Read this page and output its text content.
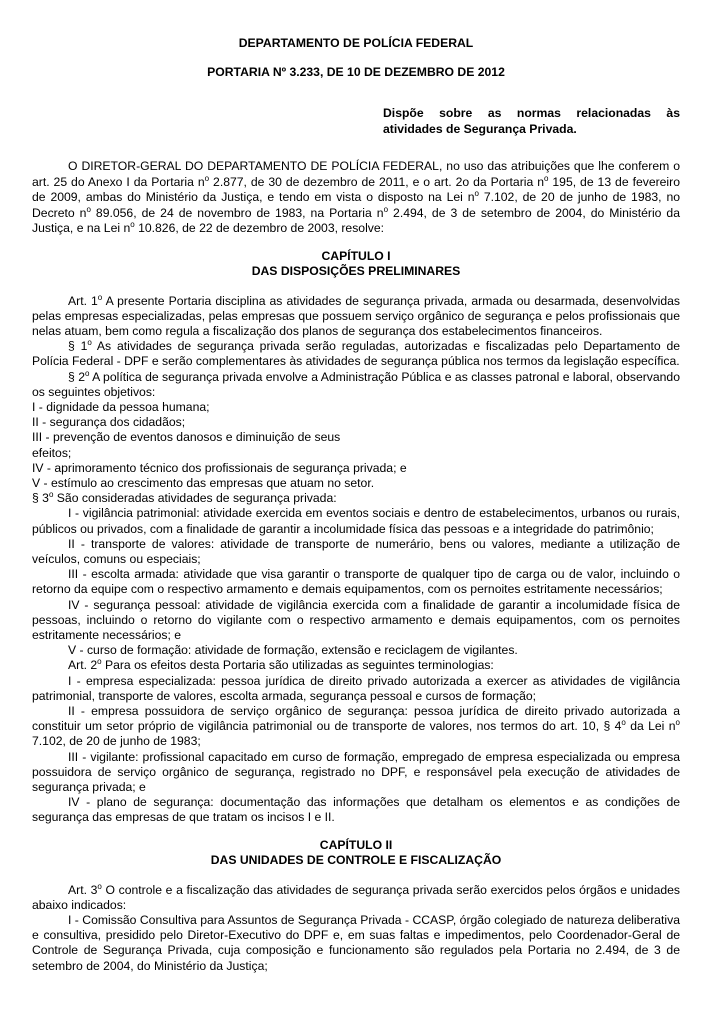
DEPARTAMENTO DE POLÍCIA FEDERAL
PORTARIA Nº 3.233, DE 10 DE DEZEMBRO DE 2012
Dispõe sobre as normas relacionadas às atividades de Segurança Privada.

O DIRETOR-GERAL DO DEPARTAMENTO DE POLÍCIA FEDERAL, no uso das atribuições que lhe conferem o art. 25 do Anexo I da Portaria $n^o$ 2.877, de 30 de dezembro de 2011, e o art. 2o da Portaria $n^o$ 195, de 13 de fevereiro de 2009, ambas do Ministério da Justiça, e tendo em vista o disposto na Lei $n^o$ 7.102, de 20 de junho de 1983, no Decreto $n^o$ 89.056, de 24 de novembro de 1983, na Portaria $n^o$ 2.494, de 3 de setembro de 2004, do Ministério da Justiça, e na Lei $n^o$ 10.826, de 22 de dezembro de 2003, resolve:

CAPÍTULO I
DAS DISPOSIÇÕES PRELIMINARES

Art. 1$^o$ A presente Portaria disciplina as atividades de segurança privada, armada ou desarmada, desenvolvidas pelas empresas especializadas, pelas empresas que possuem serviço orgânico de segurança e pelos profissionais que nelas atuam, bem como regula a fiscalização dos planos de segurança dos estabelecimentos financeiros.

§ 1$^o$ As atividades de segurança privada serão reguladas, autorizadas e fiscalizadas pelo Departamento de Polícia Federal - DPF e serão complementares às atividades de segurança pública nos termos da legislação específica.

§ 2$^o$ A política de segurança privada envolve a Administração Pública e as classes patronal e laboral, observando os seguintes objetivos:

I - dignidade da pessoa humana;

II - segurança dos cidadãos;

III - prevenção de eventos danosos e diminuição de seus

efeitos;

IV - aprimoramento técnico dos profissionais de segurança privada; e

V - estímulo ao crescimento das empresas que atuam no setor.

§ 3$^o$ São consideradas atividades de segurança privada:

I - vigilância patrimonial: atividade exercida em eventos sociais e dentro de estabelecimentos, urbanos ou rurais, públicos ou privados, com a finalidade de garantir a incolumidade física das pessoas e a integridade do patrimônio;

II - transporte de valores: atividade de transporte de numerário, bens ou valores, mediante a utilização de veículos, comuns ou especiais;

III - escolta armada: atividade que visa garantir o transporte de qualquer tipo de carga ou de valor, incluindo o retorno da equipe com o respectivo armamento e demais equipamentos, com os pernoites estritamente necessários;

IV - segurança pessoal: atividade de vigilância exercida com a finalidade de garantir a incolumidade física de pessoas, incluindo o retorno do vigilante com o respectivo armamento e demais equipamentos, com os pernoites estritamente necessários; e

V - curso de formação: atividade de formação, extensão e reciclagem de vigilantes.

Art. 2$^o$ Para os efeitos desta Portaria são utilizadas as seguintes terminologias:

I - empresa especializada: pessoa jurídica de direito privado autorizada a exercer as atividades de vigilância patrimonial, transporte de valores, escolta armada, segurança pessoal e cursos de formação;

II - empresa possuidora de serviço orgânico de segurança: pessoa jurídica de direito privado autorizada a constituir um setor próprio de vigilância patrimonial ou de transporte de valores, nos termos do art. 10, § 4$^o$ da Lei $n^o$ 7.102, de 20 de junho de 1983;

III - vigilante: profissional capacitado em curso de formação, empregado de empresa especializada ou empresa possuidora de serviço orgânico de segurança, registrado no DPF, e responsável pela execução de atividades de segurança privada; e

IV - plano de segurança: documentação das informações que detalham os elementos e as condições de segurança das empresas de que tratam os incisos I e II.

CAPÍTULO II
DAS UNIDADES DE CONTROLE E FISCALIZAÇÃO

Art. 3$^o$ O controle e a fiscalização das atividades de segurança privada serão exercidos pelos órgãos e unidades abaixo indicados:

I - Comissão Consultiva para Assuntos de Segurança Privada - CCASP, órgão colegiado de natureza deliberativa e consultiva, presidido pelo Diretor-Executivo do DPF e, em suas faltas e impedimentos, pelo Coordenador-Geral de Controle de Segurança Privada, cuja composição e funcionamento são regulados pela Portaria no 2.494, de 3 de setembro de 2004, do Ministério da Justiça;
